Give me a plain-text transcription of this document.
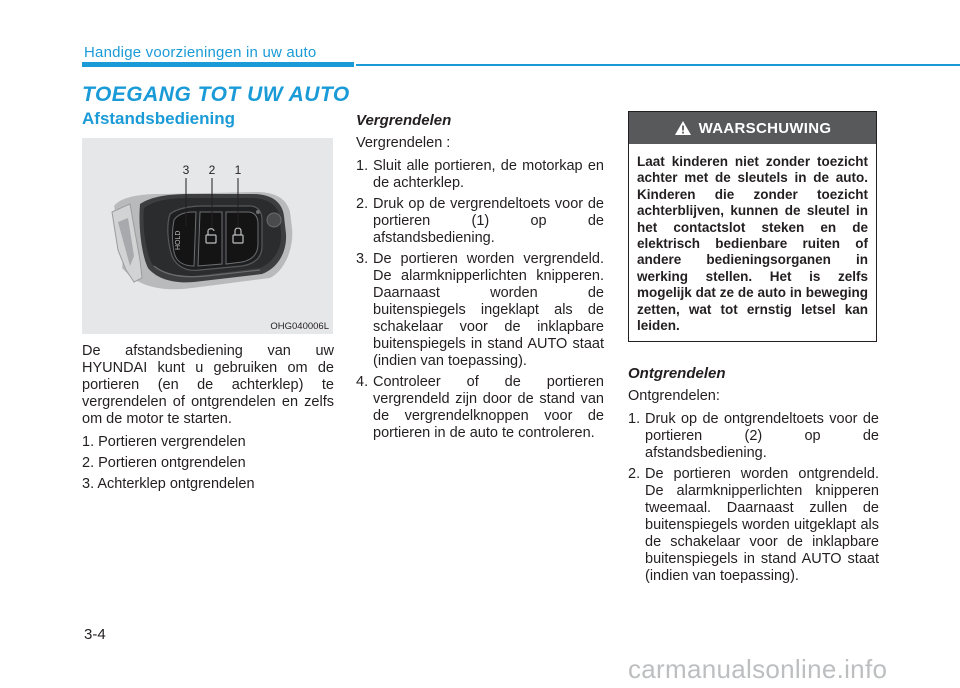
Handige voorzieningen in uw auto
TOEGANG TOT UW AUTO
Afstandsbediening
HOLD
3 2 1
OHG040006L

De afstandsbediening van uw HYUNDAI kunt u gebruiken om de portieren (en de achterklep) te vergrendelen of ontgrendelen en zelfs om de motor te starten.

1. Portieren vergrendelen
2. Portieren ontgrendelen
3. Achterklep ontgrendelen
Vergrendelen

Vergrendelen :

1. Sluit alle portieren, de motorkap en de achterklep.
2. Druk op de vergrendeltoets voor de portieren (1) op de afstandsbediening.
3. De portieren worden vergrendeld. De alarmknipperlichten knipperen. Daarnaast worden de buitenspiegels ingeklapt als de schakelaar voor de inklapbare buitenspiegels in stand AUTO staat (indien van toepassing).
4. Controleer of de portieren vergrendeld zijn door de stand van de vergrendelknoppen voor de portieren in de auto te controleren.
WAARSCHUWING
Laat kinderen niet zonder toezicht achter met de sleutels in de auto. Kinderen die zonder toezicht achterblijven, kunnen de sleutel in het contactslot steken en de elektrisch bedienbare ruiten of andere bedieningsorganen in werking stellen. Het is zelfs mogelijk dat ze de auto in beweging zetten, wat tot ernstig letsel kan leiden.
Ontgrendelen

Ontgrendelen:

1. Druk op de ontgrendeltoets voor de portieren (2) op de afstandsbediening.
2. De portieren worden ontgrendeld. De alarmknipperlichten knipperen tweemaal. Daarnaast zullen de buitenspiegels worden uitgeklapt als de schakelaar voor de inklapbare buitenspiegels in stand AUTO staat (indien van toepassing).
3-4
carmanualsonline.info
